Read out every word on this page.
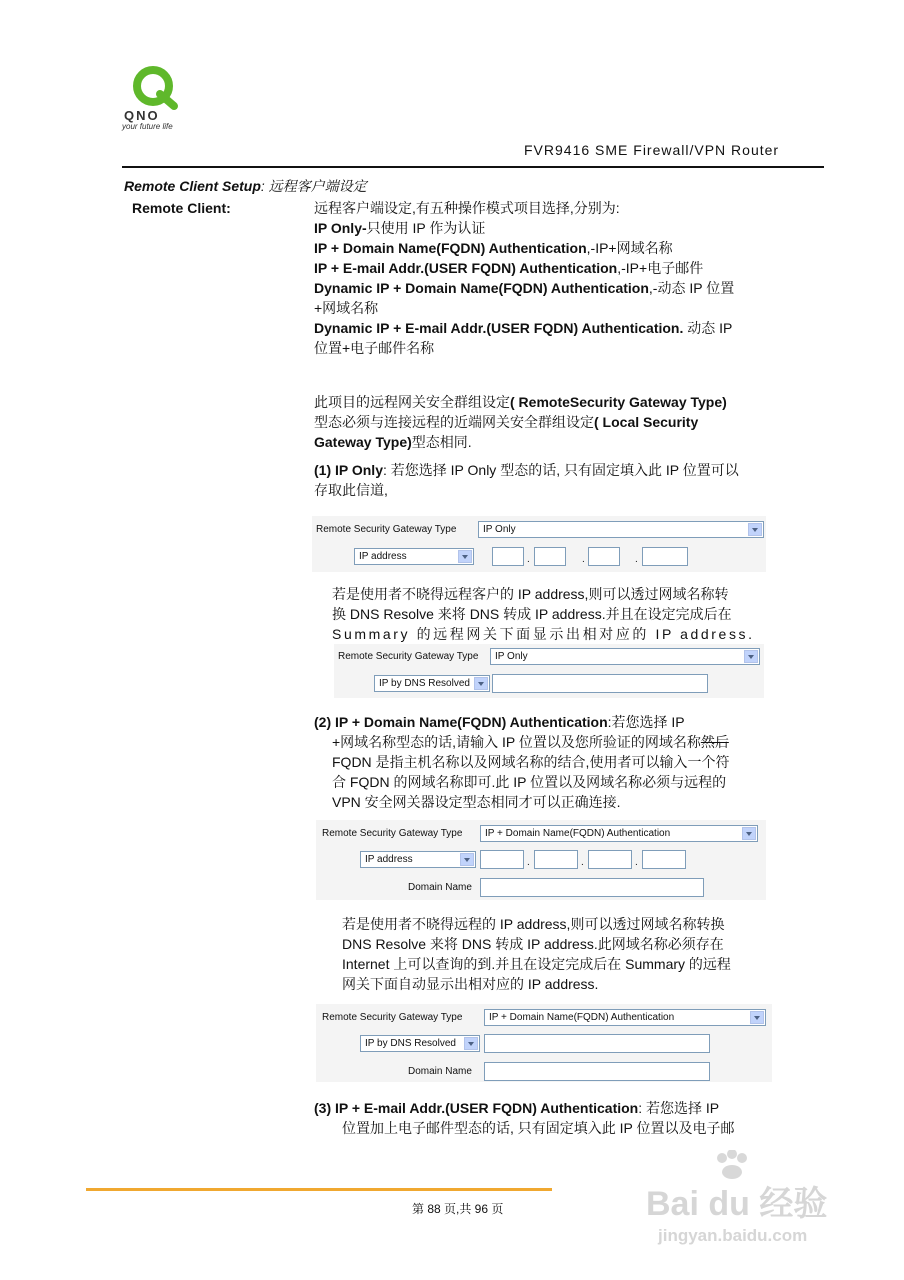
QNO
your future life
FVR9416 SME Firewall/VPN Router
Remote Client Setup: 远程客户端设定
Remote Client:	远程客户端设定,有五种操作模式项目选择,分别为:
IP Only-只使用 IP 作为认证
IP + Domain Name(FQDN) Authentication,-IP+网域名称
IP + E-mail Addr.(USER FQDN) Authentication,-IP+电子邮件
Dynamic IP + Domain Name(FQDN) Authentication,-动态 IP 位置
+网域名称
Dynamic IP + E-mail Addr.(USER FQDN) Authentication. 动态 IP
位置+电子邮件名称
此项目的远程网关安全群组设定( RemoteSecurity Gateway Type)
型态必须与连接远程的近端网关安全群组设定( Local Security
Gateway Type)型态相同.
(1) IP Only: 若您选择 IP Only 型态的话, 只有固定填入此 IP 位置可以
存取此信道,
Remote Security Gateway Type	IP Only
IP address	.	.	.
若是使用者不晓得远程客户的 IP address,则可以透过网域名称转
换 DNS Resolve 来将 DNS 转成 IP address.并且在设定完成后在
Summary 的远程网关下面显示出相对应的 IP address.
Remote Security Gateway Type	IP Only
IP by DNS Resolved
(2) IP + Domain Name(FQDN) Authentication:若您选择 IP
+网域名称型态的话,请输入 IP 位置以及您所验证的网域名称然后
FQDN 是指主机名称以及网域名称的结合,使用者可以输入一个符
合 FQDN 的网域名称即可.此 IP 位置以及网域名称必须与远程的
VPN 安全网关器设定型态相同才可以正确连接.
Remote Security Gateway Type	IP + Domain Name(FQDN) Authentication
IP address	.	.	.
Domain Name
若是使用者不晓得远程的 IP address,则可以透过网域名称转换
DNS Resolve 来将 DNS 转成 IP address.此网域名称必须存在
Internet 上可以查询的到.并且在设定完成后在 Summary 的远程
网关下面自动显示出相对应的 IP address.
Remote Security Gateway Type	IP + Domain Name(FQDN) Authentication
IP by DNS Resolved
Domain Name
(3) IP + E-mail Addr.(USER FQDN) Authentication: 若您选择 IP
位置加上电子邮件型态的话, 只有固定填入此 IP 位置以及电子邮
第 88 页,共 96 页	Bai du 经验
jingyan.baidu.com
